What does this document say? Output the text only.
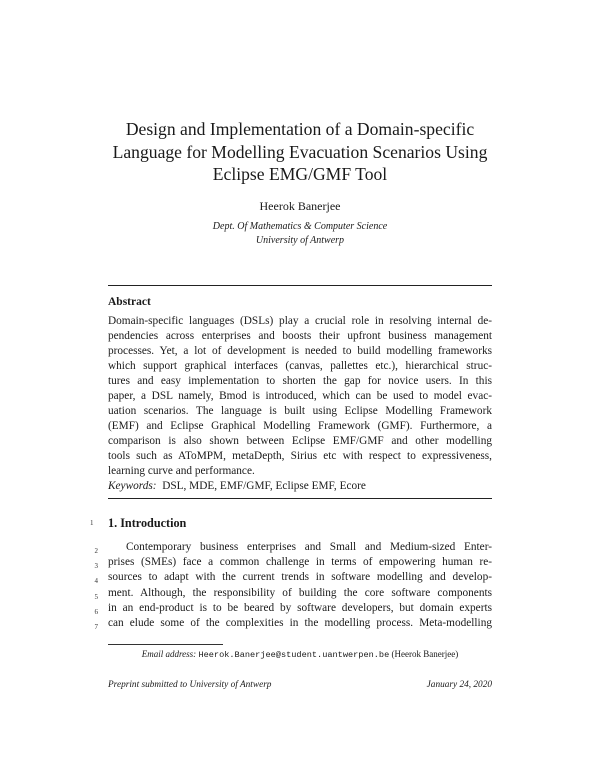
Design and Implementation of a Domain-specific
Language for Modelling Evacuation Scenarios Using
Eclipse EMG/GMF Tool
Heerok Banerjee
Dept. Of Mathematics & Computer Science
University of Antwerp
Abstract
Domain-specific languages (DSLs) play a crucial role in resolving internal de-
pendencies across enterprises and boosts their upfront business management
processes. Yet, a lot of development is needed to build modelling frameworks
which support graphical interfaces (canvas, pallettes etc.), hierarchical struc-
tures and easy implementation to shorten the gap for novice users. In this
paper, a DSL namely, Bmod is introduced, which can be used to model evac-
uation scenarios. The language is built using Eclipse Modelling Framework
(EMF) and Eclipse Graphical Modelling Framework (GMF). Furthermore, a
comparison is also shown between Eclipse EMF/GMF and other modelling
tools such as AToMPM, metaDepth, Sirius etc with respect to expressiveness,
learning curve and performance.
Keywords: DSL, MDE, EMF/GMF, Eclipse EMF, Ecore
1 1. Introduction
2
3
4
5
6
7
Contemporary business enterprises and Small and Medium-sized Enter-
prises (SMEs) face a common challenge in terms of empowering human re-
sources to adapt with the current trends in software modelling and develop-
ment. Although, the responsibility of building the core software components
in an end-product is to be beared by software developers, but domain experts
can elude some of the complexities in the modelling process. Meta-modelling
Email address: Heerok.Banerjee@student.uantwerpen.be (Heerok Banerjee)
Preprint submitted to University of Antwerp	January 24, 2020
